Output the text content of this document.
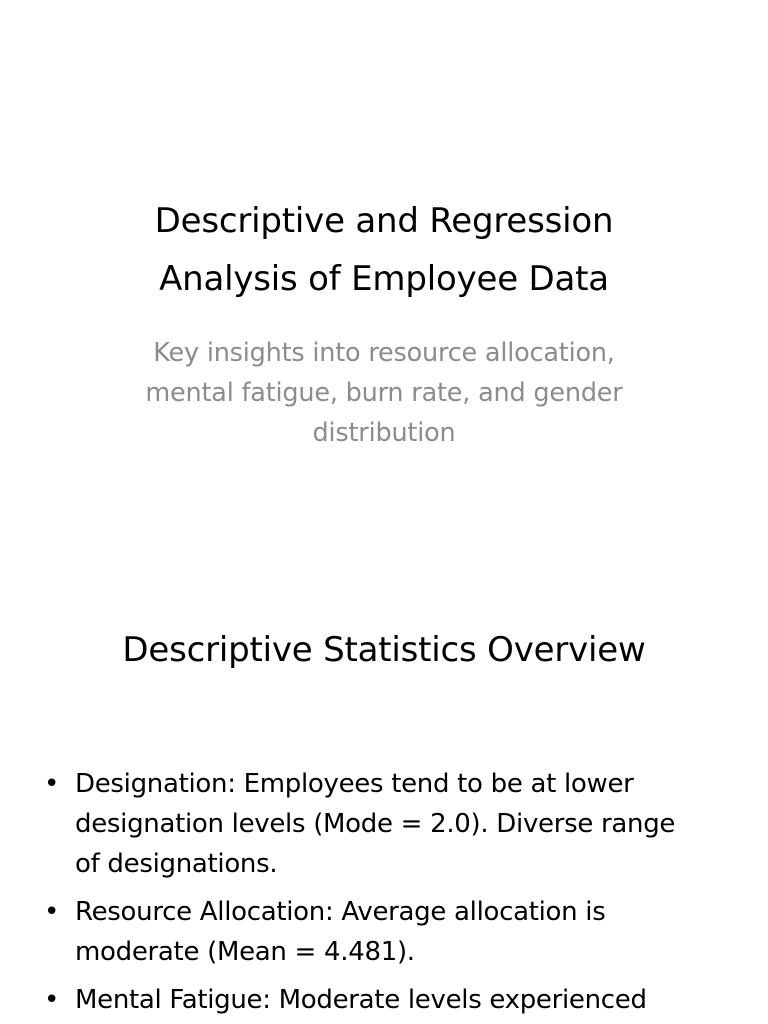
Descriptive and Regression
Analysis of Employee Data

Key insights into resource allocation,
mental fatigue, burn rate, and gender
distribution

Descriptive Statistics Overview
• Designation: Employees tend to be at lower
designation levels (Mode = 2.0). Diverse range
of designations.
• Resource Allocation: Average allocation is
moderate (Mean = 4.481).
• Mental Fatigue: Moderate levels experienced
